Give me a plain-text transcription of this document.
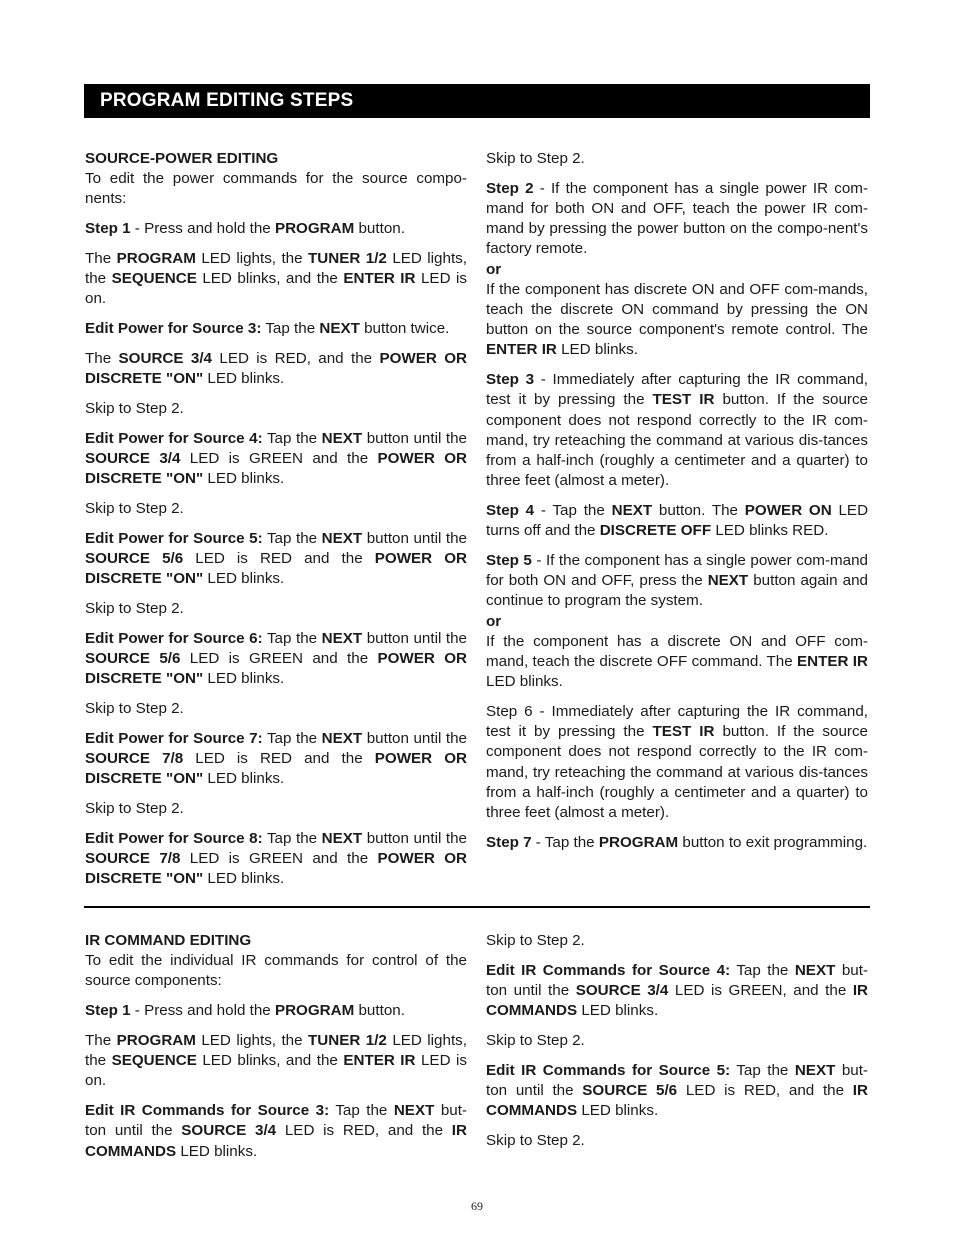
PROGRAM EDITING STEPS
SOURCE-POWER EDITING

To edit the power commands for the source compo-nents:

Step 1 - Press and hold the PROGRAM button.

The PROGRAM LED lights, the TUNER 1/2 LED lights, the SEQUENCE LED blinks, and the ENTER IR LED is on.

Edit Power for Source 3: Tap the NEXT button twice.

The SOURCE 3/4 LED is RED, and the POWER OR DISCRETE "ON" LED blinks.

Skip to Step 2.

Edit Power for Source 4: Tap the NEXT button until the SOURCE 3/4 LED is GREEN and the POWER OR DISCRETE "ON" LED blinks.

Skip to Step 2.

Edit Power for Source 5: Tap the NEXT button until the SOURCE 5/6 LED is RED and the POWER OR DISCRETE "ON" LED blinks.

Skip to Step 2.

Edit Power for Source 6: Tap the NEXT button until the SOURCE 5/6 LED is GREEN and the POWER OR DISCRETE "ON" LED blinks.

Skip to Step 2.

Edit Power for Source 7: Tap the NEXT button until the SOURCE 7/8 LED is RED and the POWER OR DISCRETE "ON" LED blinks.

Skip to Step 2.

Edit Power for Source 8: Tap the NEXT button until the SOURCE 7/8 LED is GREEN and the POWER OR DISCRETE "ON" LED blinks.

Skip to Step 2.

Step 2 - If the component has a single power IR com-mand for both ON and OFF, teach the power IR com-mand by pressing the power button on the compo-nent's factory remote.

or

If the component has discrete ON and OFF com-mands, teach the discrete ON command by pressing the ON button on the source component's remote control. The ENTER IR LED blinks.

Step 3 - Immediately after capturing the IR command, test it by pressing the TEST IR button. If the source component does not respond correctly to the IR com-mand, try reteaching the command at various dis-tances from a half-inch (roughly a centimeter and a quarter) to three feet (almost a meter).

Step 4 - Tap the NEXT button. The POWER ON LED turns off and the DISCRETE OFF LED blinks RED.

Step 5 - If the component has a single power com-mand for both ON and OFF, press the NEXT button again and continue to program the system.

or

If the component has a discrete ON and OFF com-mand, teach the discrete OFF command. The ENTER IR LED blinks.

Step 6 - Immediately after capturing the IR command, test it by pressing the TEST IR button. If the source component does not respond correctly to the IR com-mand, try reteaching the command at various dis-tances from a half-inch (roughly a centimeter and a quarter) to three feet (almost a meter).

Step 7 - Tap the PROGRAM button to exit programming.

IR COMMAND EDITING

To edit the individual IR commands for control of the source components:

Step 1 - Press and hold the PROGRAM button.

The PROGRAM LED lights, the TUNER 1/2 LED lights, the SEQUENCE LED blinks, and the ENTER IR LED is on.

Edit IR Commands for Source 3: Tap the NEXT but-ton until the SOURCE 3/4 LED is RED, and the IR COMMANDS LED blinks.

Skip to Step 2.

Edit IR Commands for Source 4: Tap the NEXT but-ton until the SOURCE 3/4 LED is GREEN, and the IR COMMANDS LED blinks.

Skip to Step 2.

Edit IR Commands for Source 5: Tap the NEXT but-ton until the SOURCE 5/6 LED is RED, and the IR COMMANDS LED blinks.

Skip to Step 2.

69
